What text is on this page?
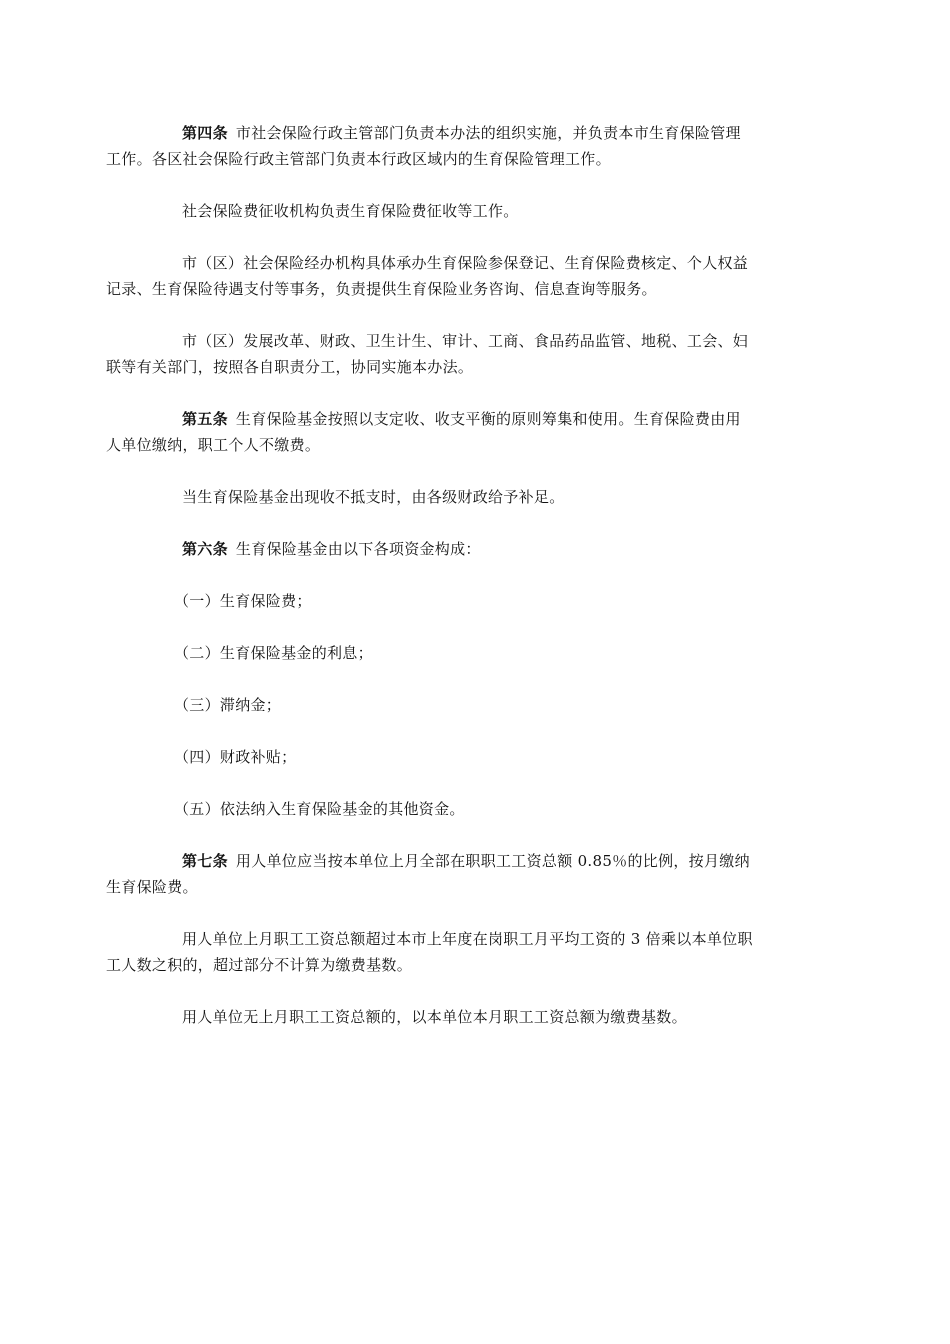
第四条 市社会保险行政主管部门负责本办法的组织实施，并负责本市生育保险管理
工作。各区社会保险行政主管部门负责本行政区域内的生育保险管理工作。

社会保险费征收机构负责生育保险费征收等工作。

市（区）社会保险经办机构具体承办生育保险参保登记、生育保险费核定、个人权益
记录、生育保险待遇支付等事务，负责提供生育保险业务咨询、信息查询等服务。

市（区）发展改革、财政、卫生计生、审计、工商、食品药品监管、地税、工会、妇
联等有关部门，按照各自职责分工，协同实施本办法。

第五条 生育保险基金按照以支定收、收支平衡的原则筹集和使用。生育保险费由用
人单位缴纳，职工个人不缴费。

当生育保险基金出现收不抵支时，由各级财政给予补足。

第六条 生育保险基金由以下各项资金构成：

（一）生育保险费；

（二）生育保险基金的利息；

（三）滞纳金；

（四）财政补贴；

（五）依法纳入生育保险基金的其他资金。

第七条 用人单位应当按本单位上月全部在职职工工资总额 0.85％的比例，按月缴纳
生育保险费。

用人单位上月职工工资总额超过本市上年度在岗职工月平均工资的 3 倍乘以本单位职
工人数之积的，超过部分不计算为缴费基数。

用人单位无上月职工工资总额的，以本单位本月职工工资总额为缴费基数。
